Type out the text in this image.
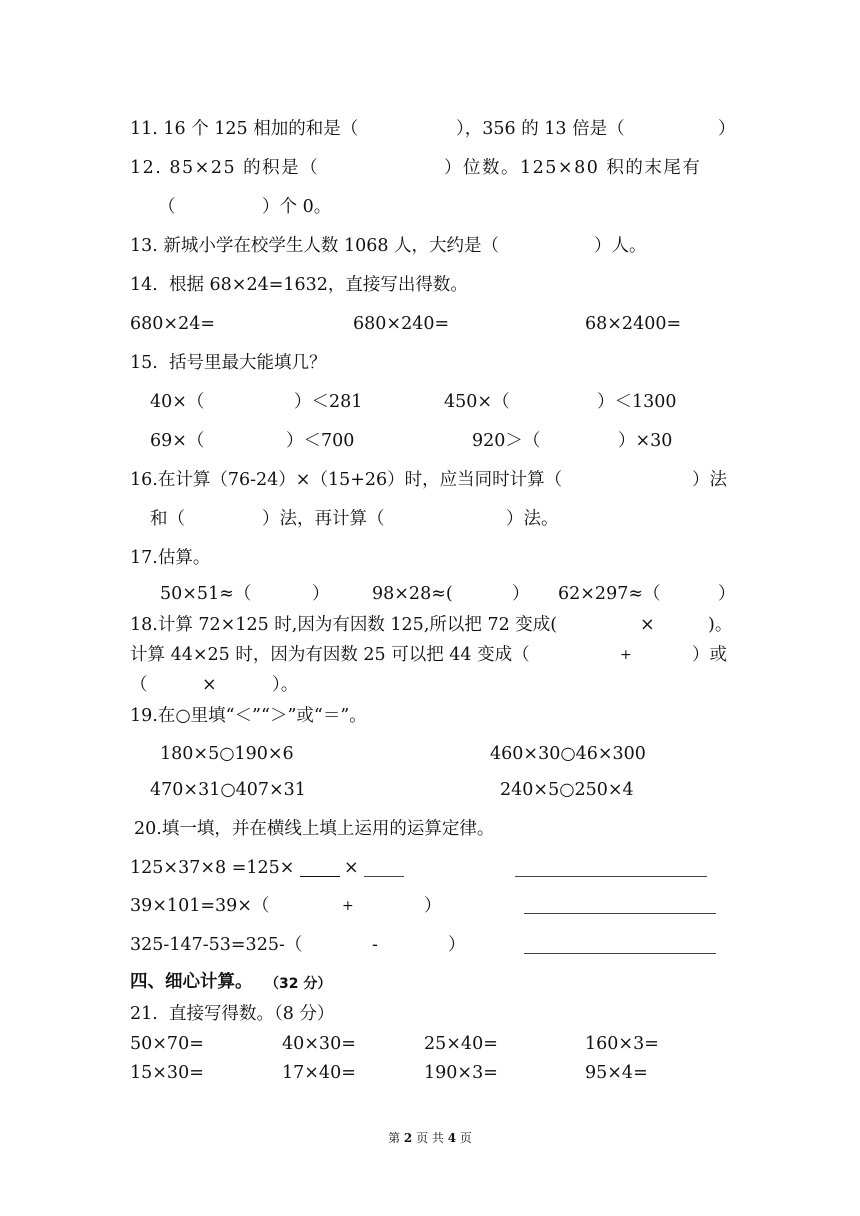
11. 16 个 125 相加的和是（	），356 的 13 倍是（	）
12. 85×25 的积是（	）位数。125×80 积的末尾有
（	）个 0。
13. 新城小学在校学生人数 1068 人，大约是（	）人。
14.  根据 68×24=1632，直接写出得数。
680×24=	680×240=	68×2400=
15.  括号里最大能填几？
40×（	）＜281	450×（	）＜1300
69×（	）＜700	920＞（	）×30
16.在计算（76-24）×（15+26）时，应当同时计算（	）法
和（	）法，再计算（	）法。
17.估算。
50×51≈（	） 98×28≈(	） 62×297≈（	）
18.计算 72×125 时,因为有因数 125,所以把 72 变成(	×	)。
计算 44×25 时，因为有因数 25 可以把 44 变成（	+	）或
（	×	）。
19.在○里填“＜”“＞”或“＝”。
180×5○190×6	460×30○46×300
470×31○407×31	240×5○250×4
20.填一填，并在横线上填上运用的运算定律。
125×37×8 =125×	×
39×101=39×（	+	）
325-147-53=325-（	-	）
四、细心计算。 （32 分）
21.  直接写得数。（8 分）
50×70=	40×30=	25×40=	160×3=
15×30=	17×40=	190×3=	95×4=
第 2 页 共 4 页
